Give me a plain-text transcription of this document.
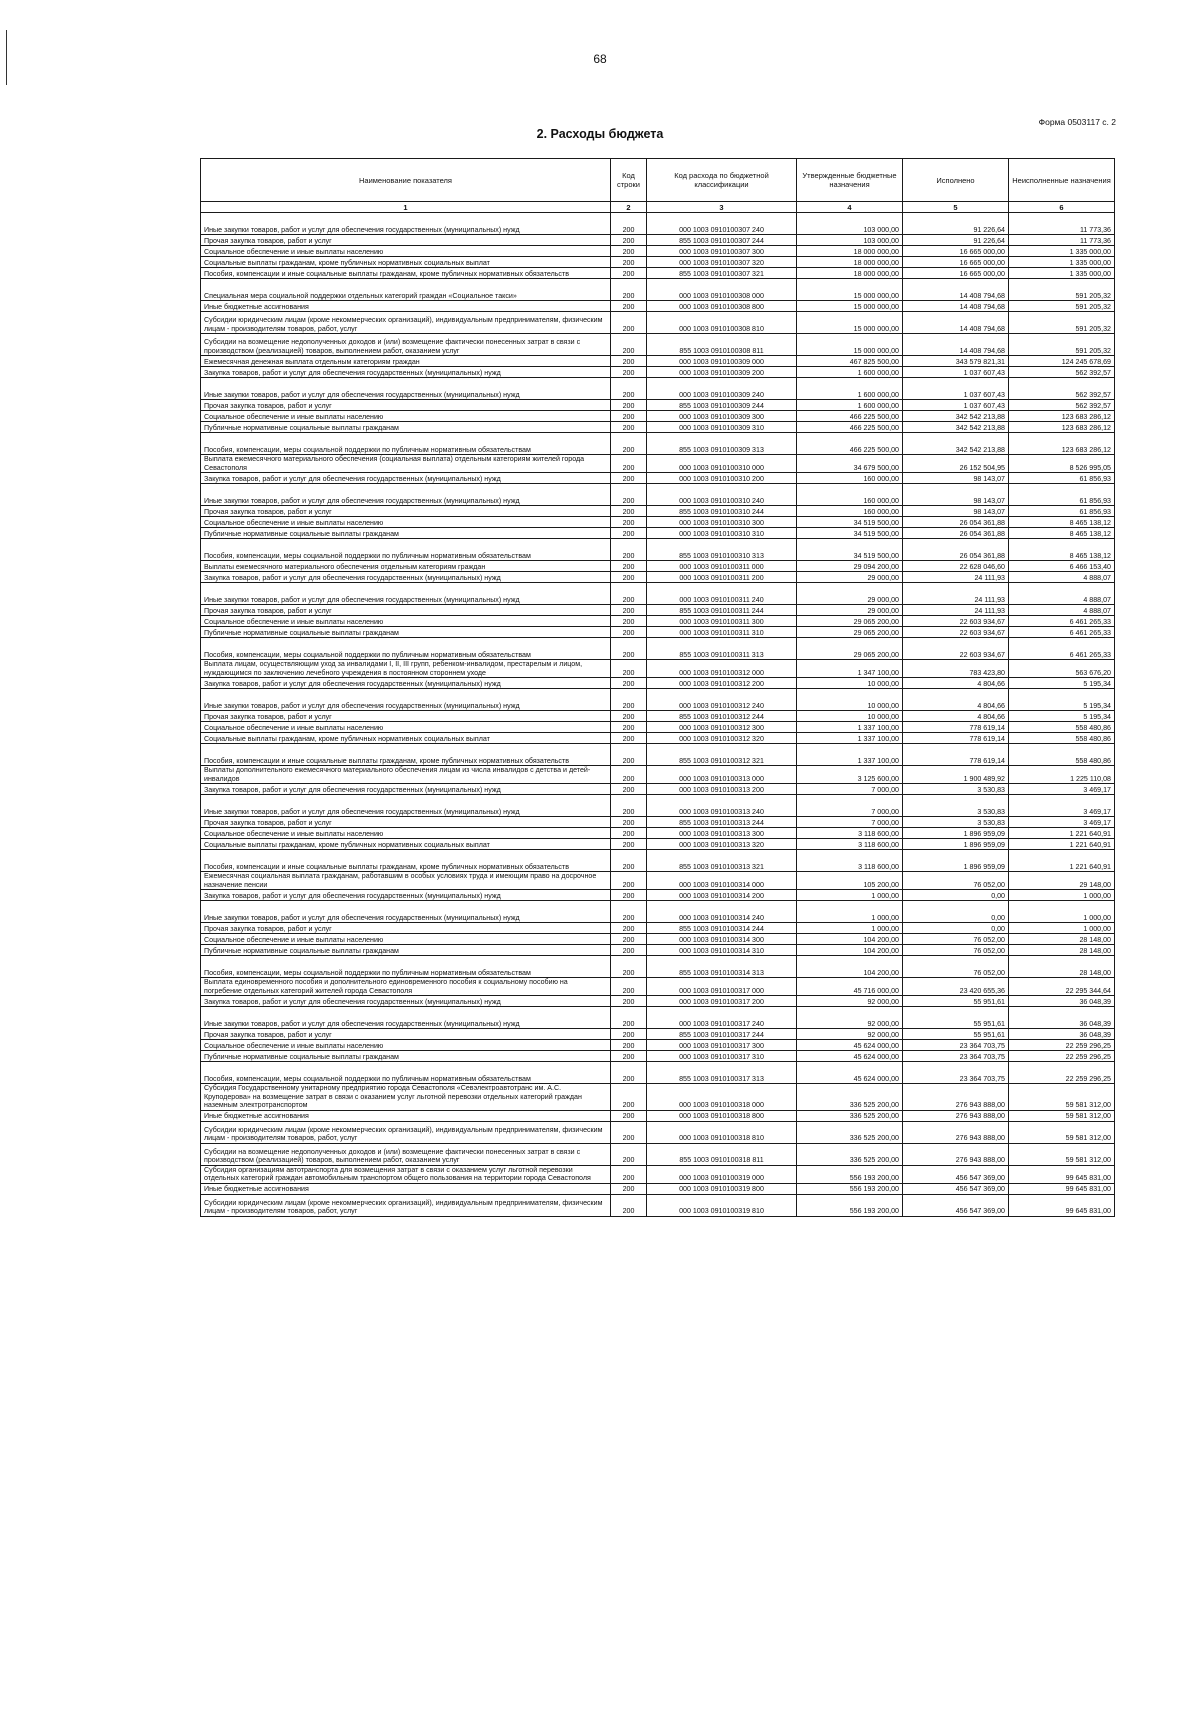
68
Форма 0503117 с. 2
2. Расходы бюджета
Наименование показателя	Код строки	Код расхода по бюджетной классификации	Утвержденные бюджетные назначения	Исполнено	Неисполненные назначения
1	2	3	4	5	6
Иные закупки товаров, работ и услуг для обеспечения государственных (муниципальных) нужд	200	000 1003 0910100307 240	103 000,00	91 226,64	11 773,36
Прочая закупка товаров, работ и услуг	200	855 1003 0910100307 244	103 000,00	91 226,64	11 773,36
Социальное обеспечение и иные выплаты населению	200	000 1003 0910100307 300	18 000 000,00	16 665 000,00	1 335 000,00
Социальные выплаты гражданам, кроме публичных нормативных социальных выплат	200	000 1003 0910100307 320	18 000 000,00	16 665 000,00	1 335 000,00
Пособия, компенсации и иные социальные выплаты гражданам, кроме публичных нормативных обязательств	200	855 1003 0910100307 321	18 000 000,00	16 665 000,00	1 335 000,00
Специальная мера социальной поддержки отдельных категорий граждан «Социальное такси»	200	000 1003 0910100308 000	15 000 000,00	14 408 794,68	591 205,32
Иные бюджетные ассигнования	200	000 1003 0910100308 800	15 000 000,00	14 408 794,68	591 205,32
Субсидии юридическим лицам (кроме некоммерческих организаций), индивидуальным предпринимателям, физическим лицам - производителям товаров, работ, услуг	200	000 1003 0910100308 810	15 000 000,00	14 408 794,68	591 205,32
Субсидии на возмещение недополученных доходов и (или) возмещение фактически понесенных затрат в связи с производством (реализацией) товаров, выполнением работ, оказанием услуг	200	855 1003 0910100308 811	15 000 000,00	14 408 794,68	591 205,32
Ежемесячная денежная выплата отдельным категориям граждан	200	000 1003 0910100309 000	467 825 500,00	343 579 821,31	124 245 678,69
Закупка товаров, работ и услуг для обеспечения государственных (муниципальных) нужд	200	000 1003 0910100309 200	1 600 000,00	1 037 607,43	562 392,57
Иные закупки товаров, работ и услуг для обеспечения государственных (муниципальных) нужд	200	000 1003 0910100309 240	1 600 000,00	1 037 607,43	562 392,57
Прочая закупка товаров, работ и услуг	200	855 1003 0910100309 244	1 600 000,00	1 037 607,43	562 392,57
Социальное обеспечение и иные выплаты населению	200	000 1003 0910100309 300	466 225 500,00	342 542 213,88	123 683 286,12
Публичные нормативные социальные выплаты гражданам	200	000 1003 0910100309 310	466 225 500,00	342 542 213,88	123 683 286,12
Пособия, компенсации, меры социальной поддержки по публичным нормативным обязательствам	200	855 1003 0910100309 313	466 225 500,00	342 542 213,88	123 683 286,12
Выплата ежемесячного материального обеспечения (социальная выплата) отдельным категориям жителей города Севастополя	200	000 1003 0910100310 000	34 679 500,00	26 152 504,95	8 526 995,05
Закупка товаров, работ и услуг для обеспечения государственных (муниципальных) нужд	200	000 1003 0910100310 200	160 000,00	98 143,07	61 856,93
Иные закупки товаров, работ и услуг для обеспечения государственных (муниципальных) нужд	200	000 1003 0910100310 240	160 000,00	98 143,07	61 856,93
Прочая закупка товаров, работ и услуг	200	855 1003 0910100310 244	160 000,00	98 143,07	61 856,93
Социальное обеспечение и иные выплаты населению	200	000 1003 0910100310 300	34 519 500,00	26 054 361,88	8 465 138,12
Публичные нормативные социальные выплаты гражданам	200	000 1003 0910100310 310	34 519 500,00	26 054 361,88	8 465 138,12
Пособия, компенсации, меры социальной поддержки по публичным нормативным обязательствам	200	855 1003 0910100310 313	34 519 500,00	26 054 361,88	8 465 138,12
Выплаты ежемесячного материального обеспечения отдельным категориям граждан	200	000 1003 0910100311 000	29 094 200,00	22 628 046,60	6 466 153,40
Закупка товаров, работ и услуг для обеспечения государственных (муниципальных) нужд	200	000 1003 0910100311 200	29 000,00	24 111,93	4 888,07
Иные закупки товаров, работ и услуг для обеспечения государственных (муниципальных) нужд	200	000 1003 0910100311 240	29 000,00	24 111,93	4 888,07
Прочая закупка товаров, работ и услуг	200	855 1003 0910100311 244	29 000,00	24 111,93	4 888,07
Социальное обеспечение и иные выплаты населению	200	000 1003 0910100311 300	29 065 200,00	22 603 934,67	6 461 265,33
Публичные нормативные социальные выплаты гражданам	200	000 1003 0910100311 310	29 065 200,00	22 603 934,67	6 461 265,33
Пособия, компенсации, меры социальной поддержки по публичным нормативным обязательствам	200	855 1003 0910100311 313	29 065 200,00	22 603 934,67	6 461 265,33
Выплата лицам, осуществляющим уход за инвалидами I, II, III групп, ребенком-инвалидом, престарелым и лицом, нуждающимся по заключению лечебного учреждения в постоянном стороннем уходе	200	000 1003 0910100312 000	1 347 100,00	783 423,80	563 676,20
Закупка товаров, работ и услуг для обеспечения государственных (муниципальных) нужд	200	000 1003 0910100312 200	10 000,00	4 804,66	5 195,34
Иные закупки товаров, работ и услуг для обеспечения государственных (муниципальных) нужд	200	000 1003 0910100312 240	10 000,00	4 804,66	5 195,34
Прочая закупка товаров, работ и услуг	200	855 1003 0910100312 244	10 000,00	4 804,66	5 195,34
Социальное обеспечение и иные выплаты населению	200	000 1003 0910100312 300	1 337 100,00	778 619,14	558 480,86
Социальные выплаты гражданам, кроме публичных нормативных социальных выплат	200	000 1003 0910100312 320	1 337 100,00	778 619,14	558 480,86
Пособия, компенсации и иные социальные выплаты гражданам, кроме публичных нормативных обязательств	200	855 1003 0910100312 321	1 337 100,00	778 619,14	558 480,86
Выплаты дополнительного ежемесячного материального обеспечения лицам из числа инвалидов с детства и детей-инвалидов	200	000 1003 0910100313 000	3 125 600,00	1 900 489,92	1 225 110,08
Закупка товаров, работ и услуг для обеспечения государственных (муниципальных) нужд	200	000 1003 0910100313 200	7 000,00	3 530,83	3 469,17
Иные закупки товаров, работ и услуг для обеспечения государственных (муниципальных) нужд	200	000 1003 0910100313 240	7 000,00	3 530,83	3 469,17
Прочая закупка товаров, работ и услуг	200	855 1003 0910100313 244	7 000,00	3 530,83	3 469,17
Социальное обеспечение и иные выплаты населению	200	000 1003 0910100313 300	3 118 600,00	1 896 959,09	1 221 640,91
Социальные выплаты гражданам, кроме публичных нормативных социальных выплат	200	000 1003 0910100313 320	3 118 600,00	1 896 959,09	1 221 640,91
Пособия, компенсации и иные социальные выплаты гражданам, кроме публичных нормативных обязательств	200	855 1003 0910100313 321	3 118 600,00	1 896 959,09	1 221 640,91
Ежемесячная социальная выплата гражданам, работавшим в особых условиях труда и имеющим право на досрочное назначение пенсии	200	000 1003 0910100314 000	105 200,00	76 052,00	29 148,00
Закупка товаров, работ и услуг для обеспечения государственных (муниципальных) нужд	200	000 1003 0910100314 200	1 000,00	0,00	1 000,00
Иные закупки товаров, работ и услуг для обеспечения государственных (муниципальных) нужд	200	000 1003 0910100314 240	1 000,00	0,00	1 000,00
Прочая закупка товаров, работ и услуг	200	855 1003 0910100314 244	1 000,00	0,00	1 000,00
Социальное обеспечение и иные выплаты населению	200	000 1003 0910100314 300	104 200,00	76 052,00	28 148,00
Публичные нормативные социальные выплаты гражданам	200	000 1003 0910100314 310	104 200,00	76 052,00	28 148,00
Пособия, компенсации, меры социальной поддержки по публичным нормативным обязательствам	200	855 1003 0910100314 313	104 200,00	76 052,00	28 148,00
Выплата единовременного пособия и дополнительного единовременного пособия к социальному пособию на погребение отдельных категорий жителей города Севастополя	200	000 1003 0910100317 000	45 716 000,00	23 420 655,36	22 295 344,64
Закупка товаров, работ и услуг для обеспечения государственных (муниципальных) нужд	200	000 1003 0910100317 200	92 000,00	55 951,61	36 048,39
Иные закупки товаров, работ и услуг для обеспечения государственных (муниципальных) нужд	200	000 1003 0910100317 240	92 000,00	55 951,61	36 048,39
Прочая закупка товаров, работ и услуг	200	855 1003 0910100317 244	92 000,00	55 951,61	36 048,39
Социальное обеспечение и иные выплаты населению	200	000 1003 0910100317 300	45 624 000,00	23 364 703,75	22 259 296,25
Публичные нормативные социальные выплаты гражданам	200	000 1003 0910100317 310	45 624 000,00	23 364 703,75	22 259 296,25
Пособия, компенсации, меры социальной поддержки по публичным нормативным обязательствам	200	855 1003 0910100317 313	45 624 000,00	23 364 703,75	22 259 296,25
Субсидия Государственному унитарному предприятию города Севастополя «Севэлектроавтотранс им. А.С. Круподерова» на возмещение затрат в связи с оказанием услуг льготной перевозки отдельных категорий граждан наземным электротранспортом	200	000 1003 0910100318 000	336 525 200,00	276 943 888,00	59 581 312,00
Иные бюджетные ассигнования	200	000 1003 0910100318 800	336 525 200,00	276 943 888,00	59 581 312,00
Субсидии юридическим лицам (кроме некоммерческих организаций), индивидуальным предпринимателям, физическим лицам - производителям товаров, работ, услуг	200	000 1003 0910100318 810	336 525 200,00	276 943 888,00	59 581 312,00
Субсидии на возмещение недополученных доходов и (или) возмещение фактически понесенных затрат в связи с производством (реализацией) товаров, выполнением работ, оказанием услуг	200	855 1003 0910100318 811	336 525 200,00	276 943 888,00	59 581 312,00
Субсидия организациям автотранспорта для возмещения затрат в связи с оказанием услуг льготной перевозки отдельных категорий граждан автомобильным транспортом общего пользования на территории города Севастополя	200	000 1003 0910100319 000	556 193 200,00	456 547 369,00	99 645 831,00
Иные бюджетные ассигнования	200	000 1003 0910100319 800	556 193 200,00	456 547 369,00	99 645 831,00
Субсидии юридическим лицам (кроме некоммерческих организаций), индивидуальным предпринимателям, физическим лицам - производителям товаров, работ, услуг	200	000 1003 0910100319 810	556 193 200,00	456 547 369,00	99 645 831,00
